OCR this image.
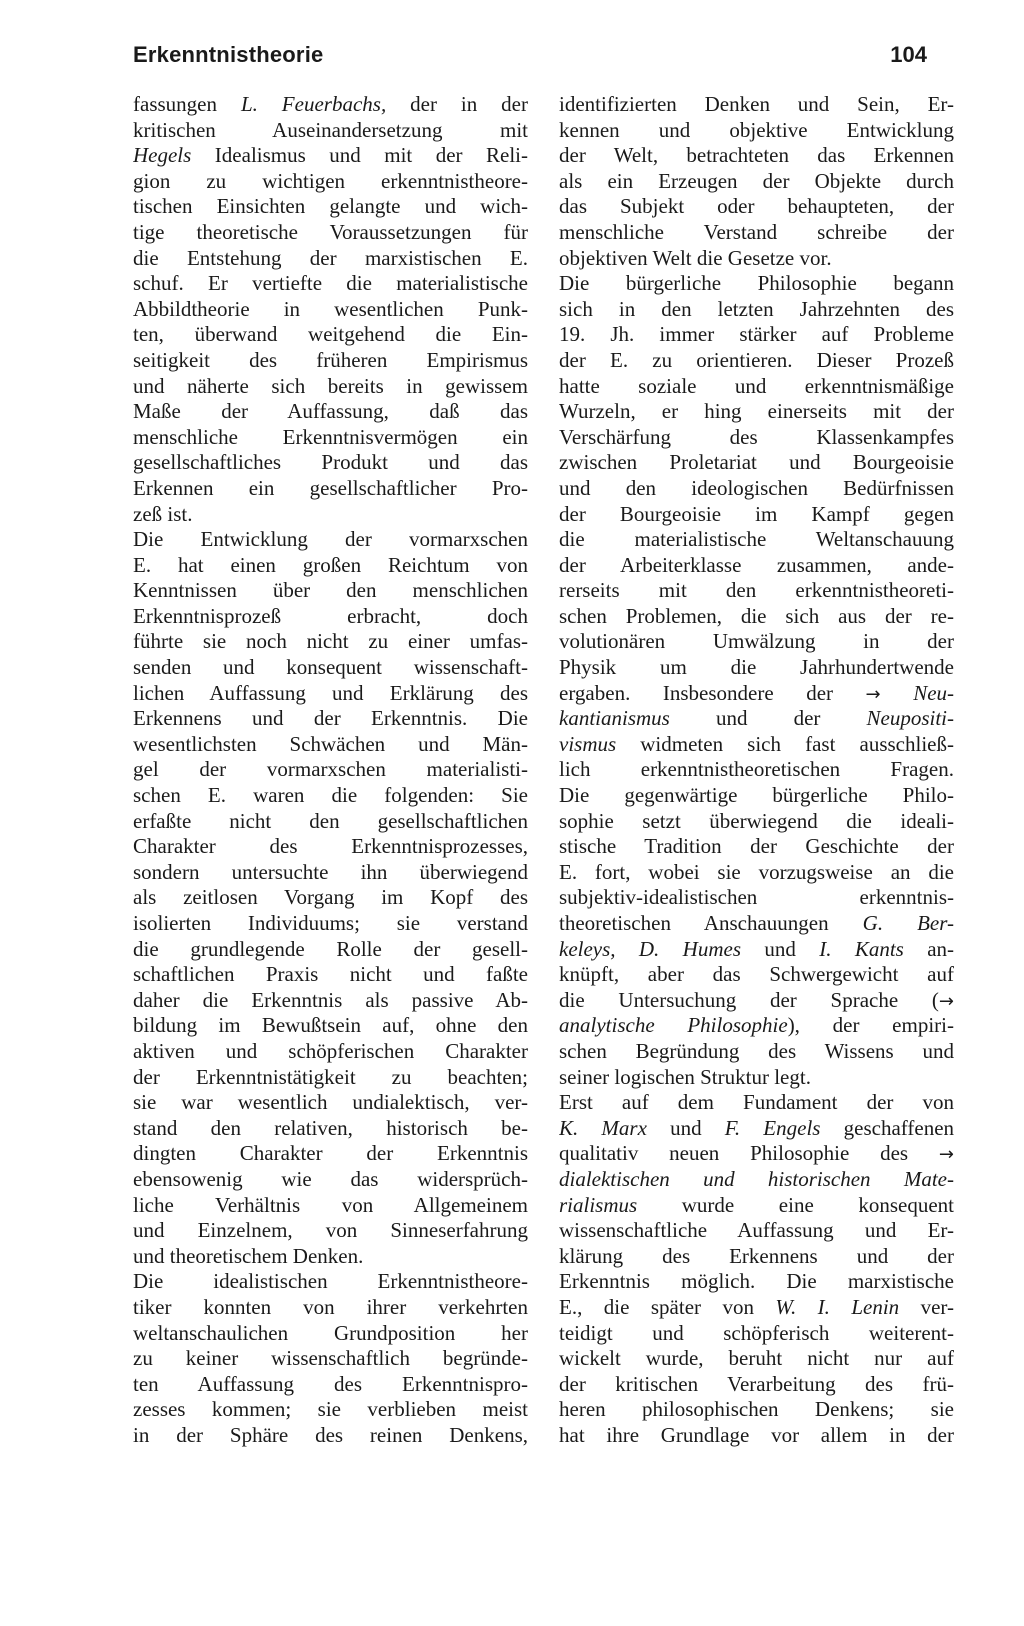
Erkenntnistheorie	104
fassungen L. Feuerbachs, der in der
kritischen Auseinandersetzung mit
Hegels Idealismus und mit der Reli-
gion zu wichtigen erkenntnistheore-
tischen Einsichten gelangte und wich-
tige theoretische Voraussetzungen für
die Entstehung der marxistischen E.
schuf. Er vertiefte die materialistische
Abbildtheorie in wesentlichen Punk-
ten, überwand weitgehend die Ein-
seitigkeit des früheren Empirismus
und näherte sich bereits in gewissem
Maße der Auffassung, daß das
menschliche Erkenntnisvermögen ein
gesellschaftliches Produkt und das
Erkennen ein gesellschaftlicher Pro-
zeß ist.
Die Entwicklung der vormarxschen
E. hat einen großen Reichtum von
Kenntnissen über den menschlichen
Erkenntnisprozeß erbracht, doch
führte sie noch nicht zu einer umfas-
senden und konsequent wissenschaft-
lichen Auffassung und Erklärung des
Erkennens und der Erkenntnis. Die
wesentlichsten Schwächen und Män-
gel der vormarxschen materialisti-
schen E. waren die folgenden: Sie
erfaßte nicht den gesellschaftlichen
Charakter des Erkenntnisprozesses,
sondern untersuchte ihn überwiegend
als zeitlosen Vorgang im Kopf des
isolierten Individuums; sie verstand
die grundlegende Rolle der gesell-
schaftlichen Praxis nicht und faßte
daher die Erkenntnis als passive Ab-
bildung im Bewußtsein auf, ohne den
aktiven und schöpferischen Charakter
der Erkenntnistätigkeit zu beachten;
sie war wesentlich undialektisch, ver-
stand den relativen, historisch be-
dingten Charakter der Erkenntnis
ebensowenig wie das widersprüch-
liche Verhältnis von Allgemeinem
und Einzelnem, von Sinneserfahrung
und theoretischem Denken.
Die idealistischen Erkenntnistheore-
tiker konnten von ihrer verkehrten
weltanschaulichen Grundposition her
zu keiner wissenschaftlich begründe-
ten Auffassung des Erkenntnispro-
zesses kommen; sie verblieben meist
in der Sphäre des reinen Denkens,
identifizierten Denken und Sein, Er-
kennen und objektive Entwicklung
der Welt, betrachteten das Erkennen
als ein Erzeugen der Objekte durch
das Subjekt oder behaupteten, der
menschliche Verstand schreibe der
objektiven Welt die Gesetze vor.
Die bürgerliche Philosophie begann
sich in den letzten Jahrzehnten des
19. Jh. immer stärker auf Probleme
der E. zu orientieren. Dieser Prozeß
hatte soziale und erkenntnismäßige
Wurzeln, er hing einerseits mit der
Verschärfung des Klassenkampfes
zwischen Proletariat und Bourgeoisie
und den ideologischen Bedürfnissen
der Bourgeoisie im Kampf gegen
die materialistische Weltanschauung
der Arbeiterklasse zusammen, ande-
rerseits mit den erkenntnistheoreti-
schen Problemen, die sich aus der re-
volutionären Umwälzung in der
Physik um die Jahrhundertwende
ergaben. Insbesondere der → Neu-
kantianismus und der Neupositi-
vismus widmeten sich fast ausschließ-
lich erkenntnistheoretischen Fragen.
Die gegenwärtige bürgerliche Philo-
sophie setzt überwiegend die ideali-
stische Tradition der Geschichte der
E. fort, wobei sie vorzugsweise an die
subjektiv-idealistischen erkenntnis-
theoretischen Anschauungen G. Ber-
keleys, D. Humes und I. Kants an-
knüpft, aber das Schwergewicht auf
die Untersuchung der Sprache (→
analytische Philosophie), der empiri-
schen Begründung des Wissens und
seiner logischen Struktur legt.
Erst auf dem Fundament der von
K. Marx und F. Engels geschaffenen
qualitativ neuen Philosophie des →
dialektischen und historischen Mate-
rialismus wurde eine konsequent
wissenschaftliche Auffassung und Er-
klärung des Erkennens und der
Erkenntnis möglich. Die marxistische
E., die später von W. I. Lenin ver-
teidigt und schöpferisch weiterent-
wickelt wurde, beruht nicht nur auf
der kritischen Verarbeitung des frü-
heren philosophischen Denkens; sie
hat ihre Grundlage vor allem in der
